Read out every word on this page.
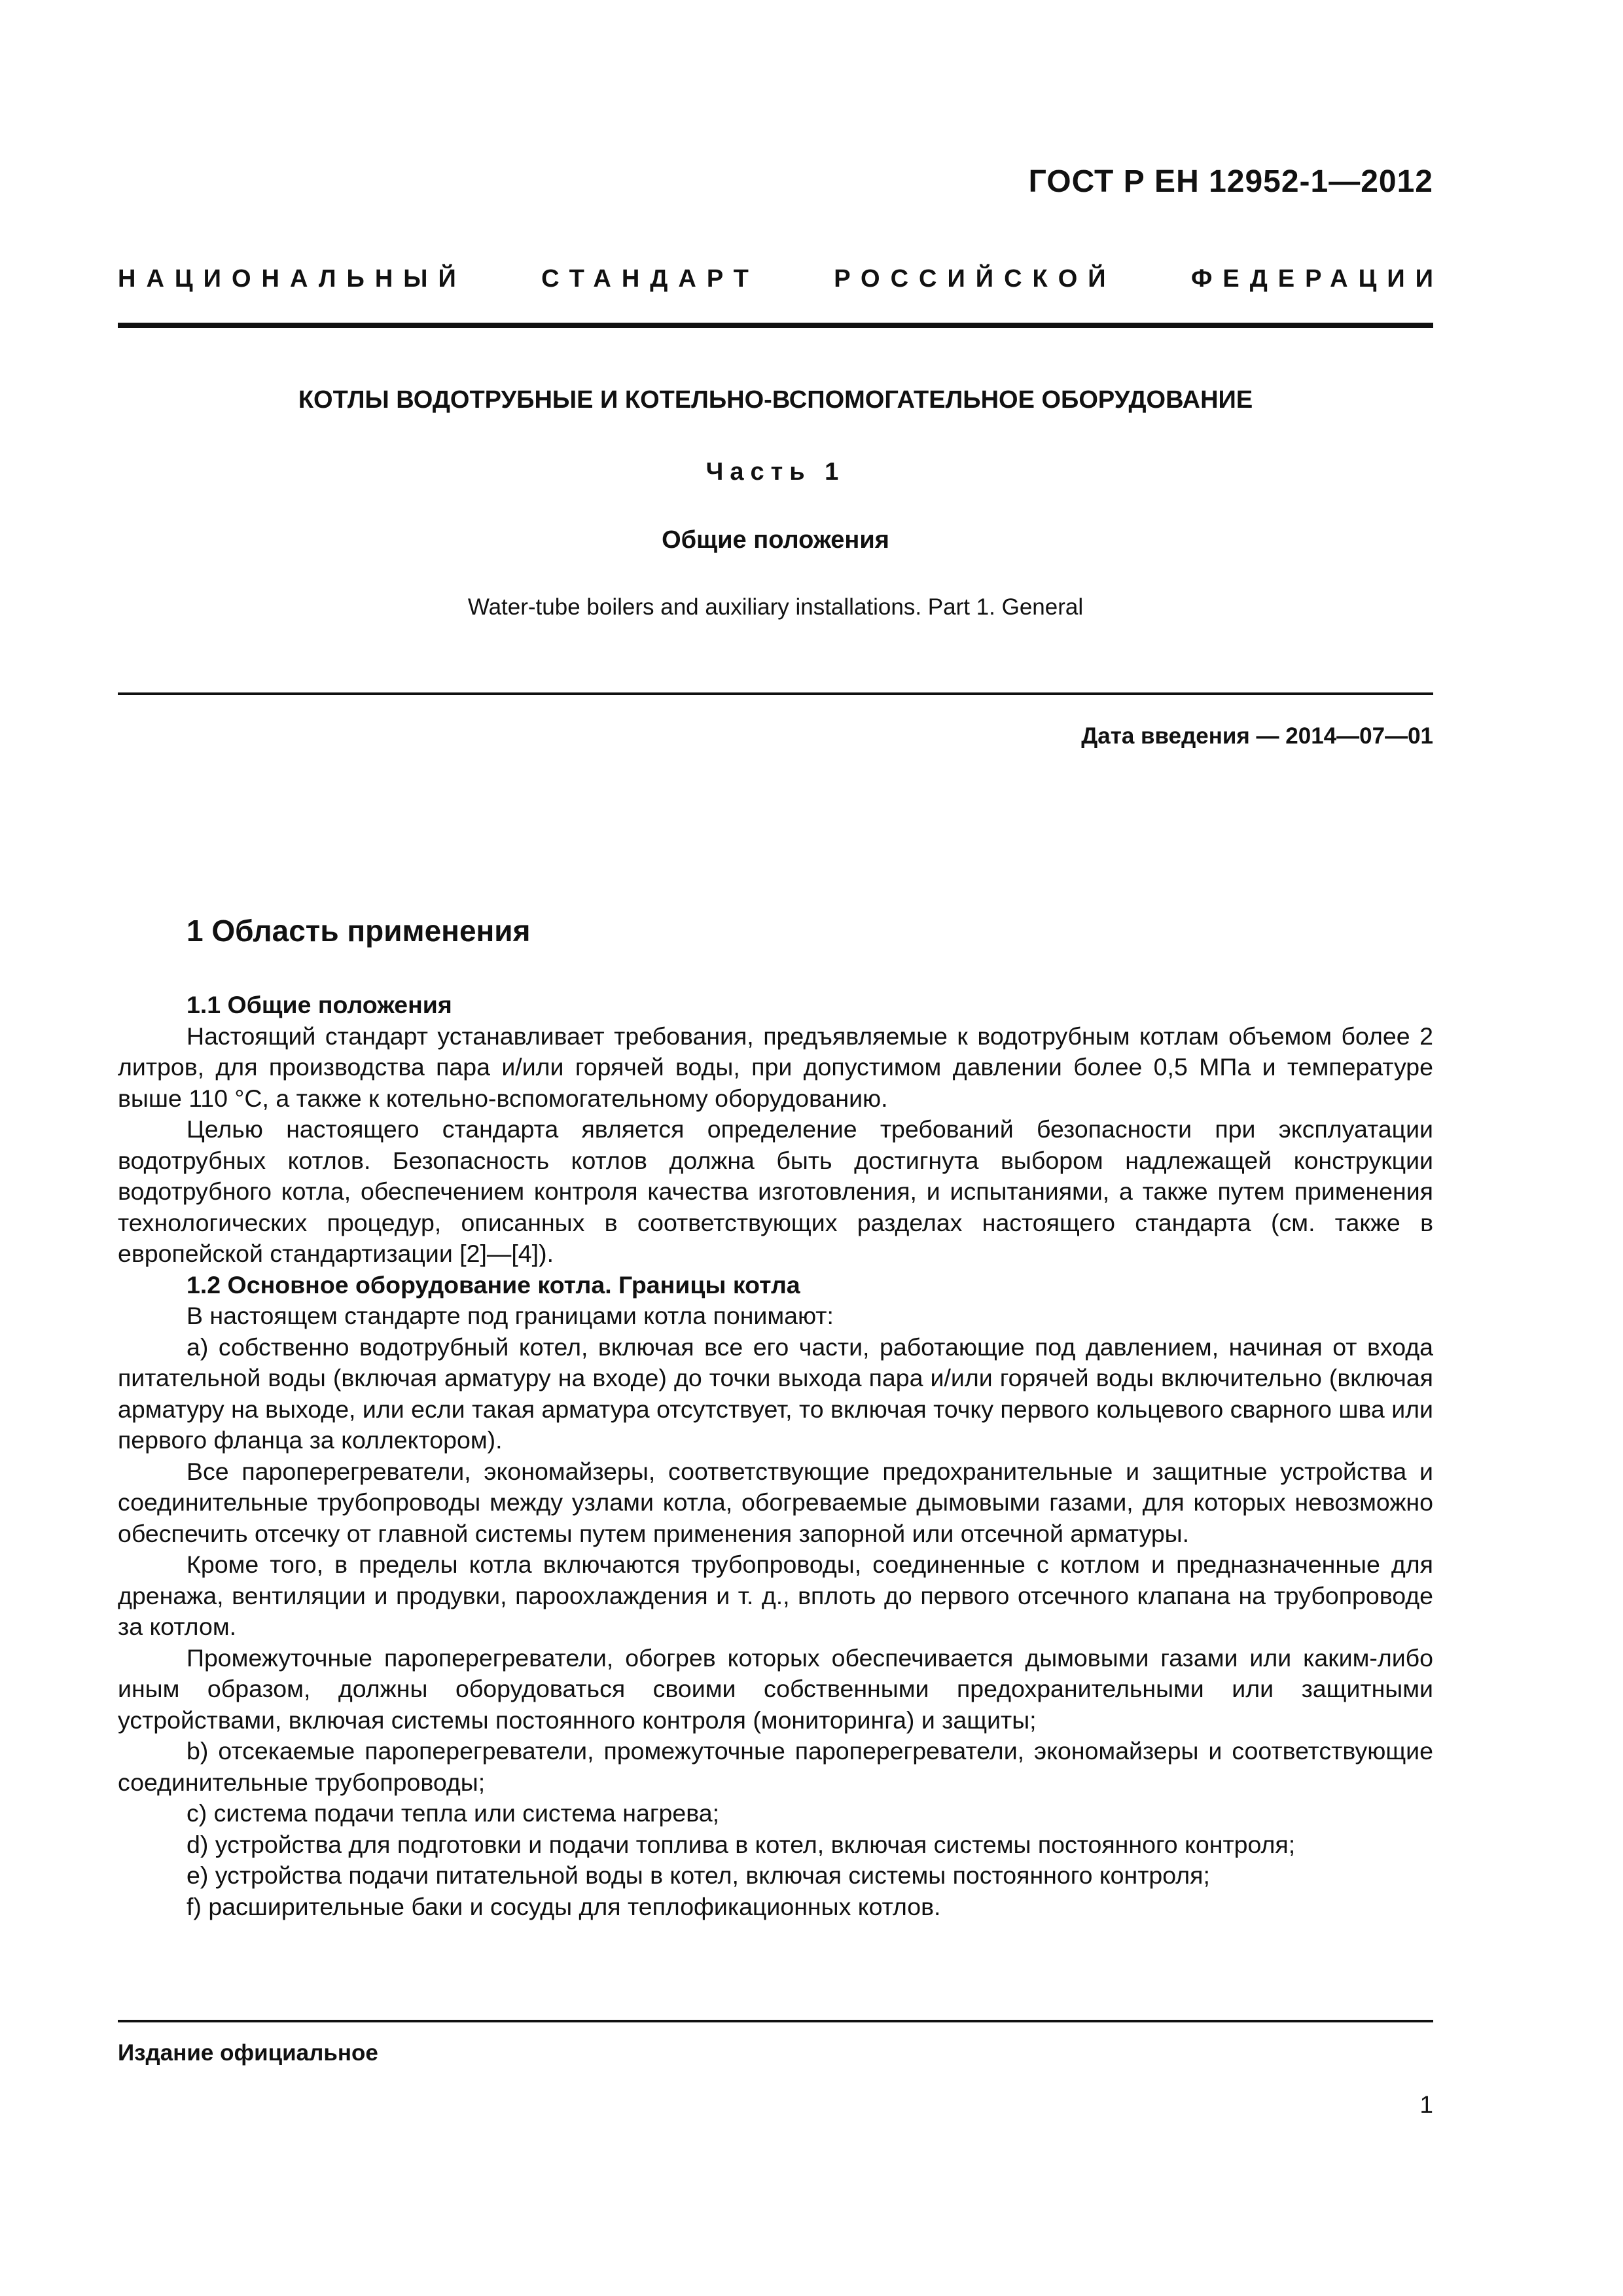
ГОСТ Р ЕН 12952-1—2012
НАЦИОНАЛЬНЫЙ	СТАНДАРТ	РОССИЙСКОЙ	ФЕДЕРАЦИИ
КОТЛЫ ВОДОТРУБНЫЕ И КОТЕЛЬНО-ВСПОМОГАТЕЛЬНОЕ ОБОРУДОВАНИЕ
Часть 1
Общие положения
Water-tube boilers and auxiliary installations. Part 1. General
Дата введения — 2014—07—01
1 Область применения
1.1 Общие положения

Настоящий стандарт устанавливает требования, предъявляемые к водотрубным котлам объемом более 2 литров, для производства пара и/или горячей воды, при допустимом давлении более 0,5 МПа и температуре выше 110 °С, а также к котельно-вспомогательному оборудованию.

Целью настоящего стандарта является определение требований безопасности при эксплуатации водотрубных котлов. Безопасность котлов должна быть достигнута выбором надлежащей конструкции водотрубного котла, обеспечением контроля качества изготовления, и испытаниями, а также путем применения технологических процедур, описанных в соответствующих разделах настоящего стандарта (см. также в европейской стандартизации [2]—[4]).

1.2 Основное оборудование котла. Границы котла

В настоящем стандарте под границами котла понимают:

а) собственно водотрубный котел, включая все его части, работающие под давлением, начиная от входа питательной воды (включая арматуру на входе) до точки выхода пара и/или горячей воды включительно (включая арматуру на выходе, или если такая арматура отсутствует, то включая точку первого кольцевого сварного шва или первого фланца за коллектором).

Все пароперегреватели, экономайзеры, соответствующие предохранительные и защитные устройства и соединительные трубопроводы между узлами котла, обогреваемые дымовыми газами, для которых невозможно обеспечить отсечку от главной системы путем применения запорной или отсечной арматуры.

Кроме того, в пределы котла включаются трубопроводы, соединенные с котлом и предназначенные для дренажа, вентиляции и продувки, пароохлаждения и т. д., вплоть до первого отсечного клапана на трубопроводе за котлом.

Промежуточные пароперегреватели, обогрев которых обеспечивается дымовыми газами или каким-либо иным образом, должны оборудоваться своими собственными предохранительными или защитными устройствами, включая системы постоянного контроля (мониторинга) и защиты;

b) отсекаемые пароперегреватели, промежуточные пароперегреватели, экономайзеры и соответствующие соединительные трубопроводы;

с) система подачи тепла или система нагрева;

d) устройства для подготовки и подачи топлива в котел, включая системы постоянного контроля;

е) устройства подачи питательной воды в котел, включая системы постоянного контроля;

f) расширительные баки и сосуды для теплофикационных котлов.

Издание официальное
1
